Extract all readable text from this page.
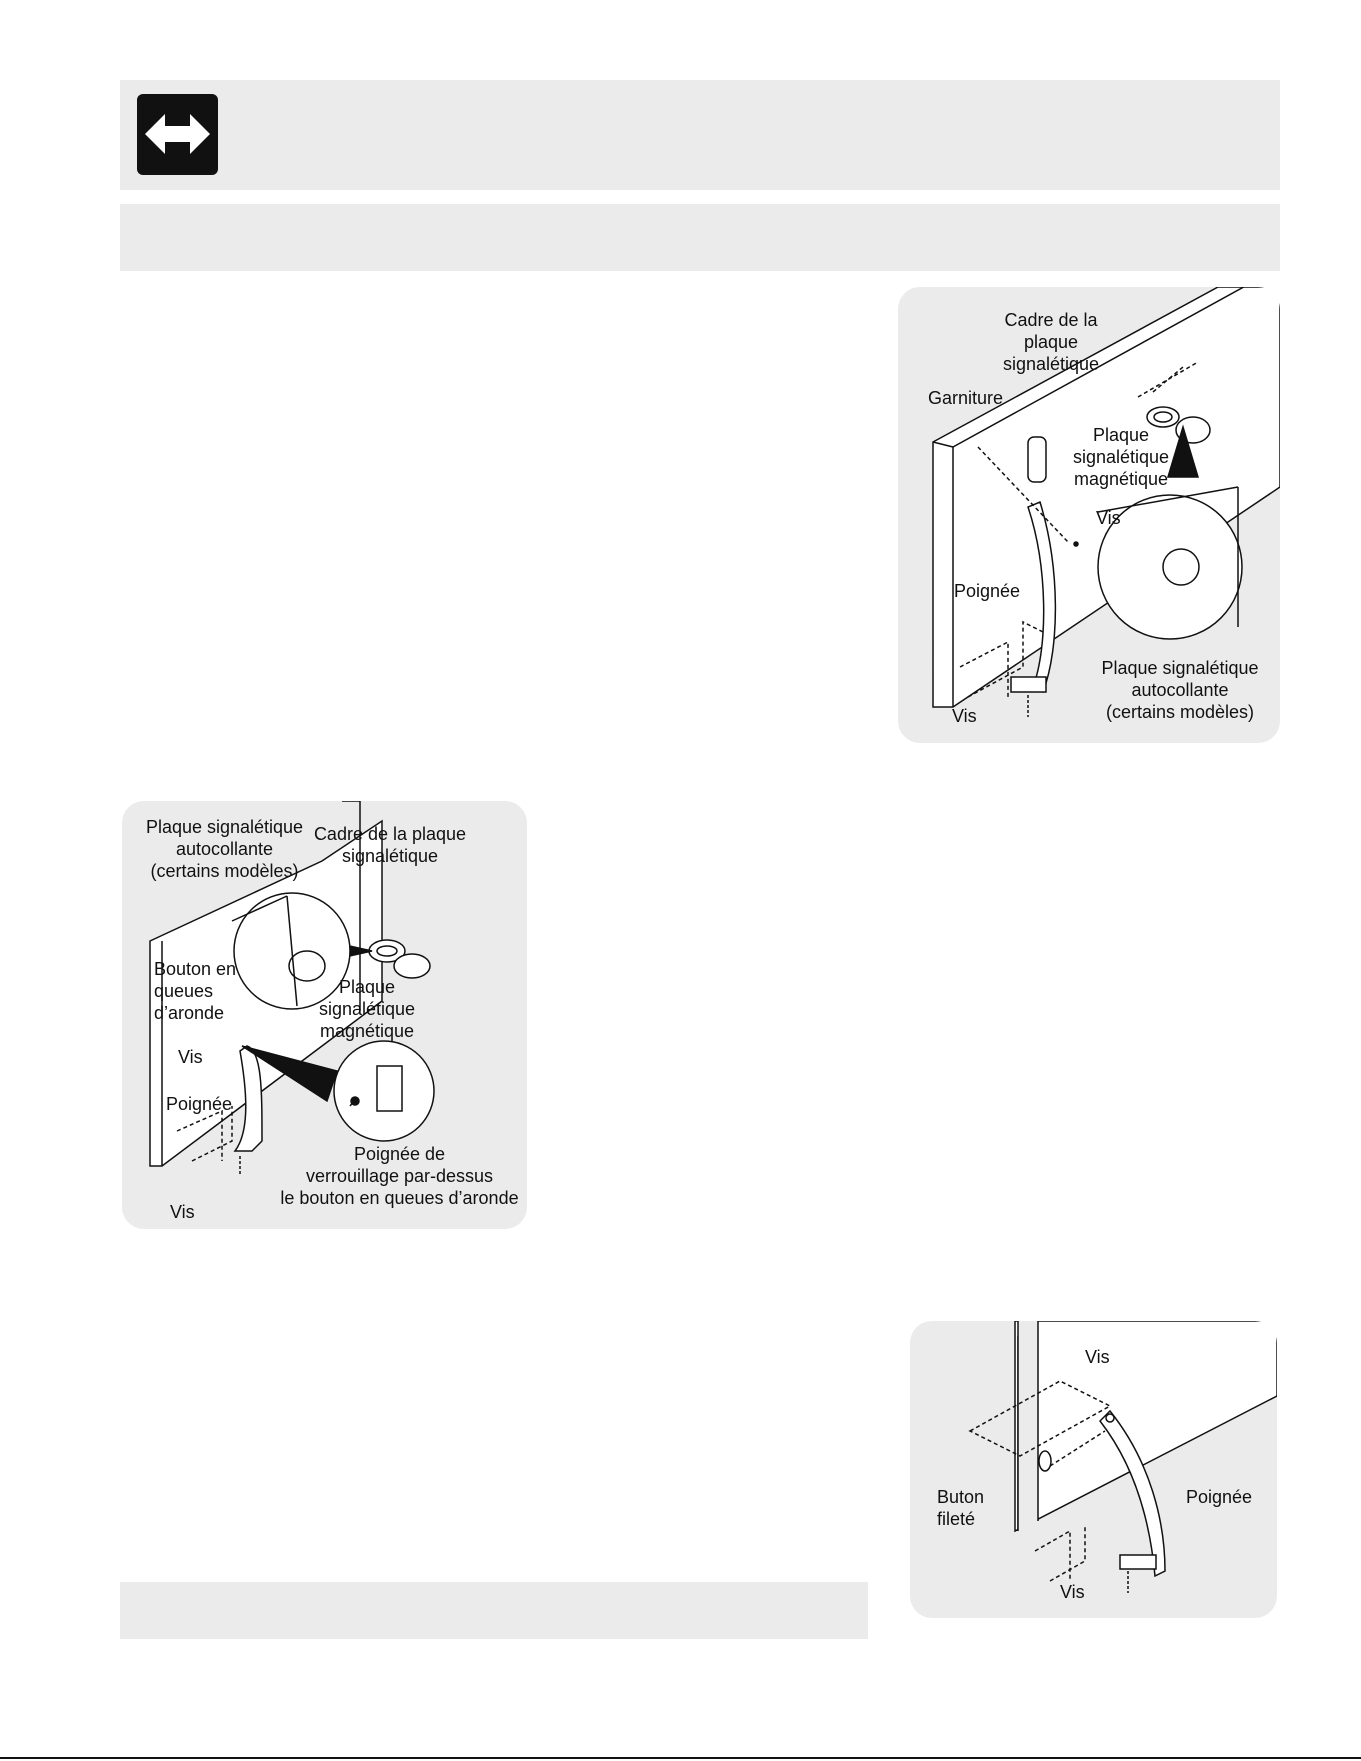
Cadre de la plaque
signalétique
Garniture
Plaque
signalétique
magnétique
Vis
Poignée
Plaque signalétique
autocollante
(certains modèles)
Vis
Plaque signalétique
autocollante
(certains modèles)
Cadre de la plaque
signalétique
Bouton en
queues
d’aronde
Plaque
signalétique
magnétique
Vis
Poignée
Poignée de
verrouillage par-dessus
le bouton en queues d’aronde
Vis
Vis
Buton
fileté
Poignée
Vis
